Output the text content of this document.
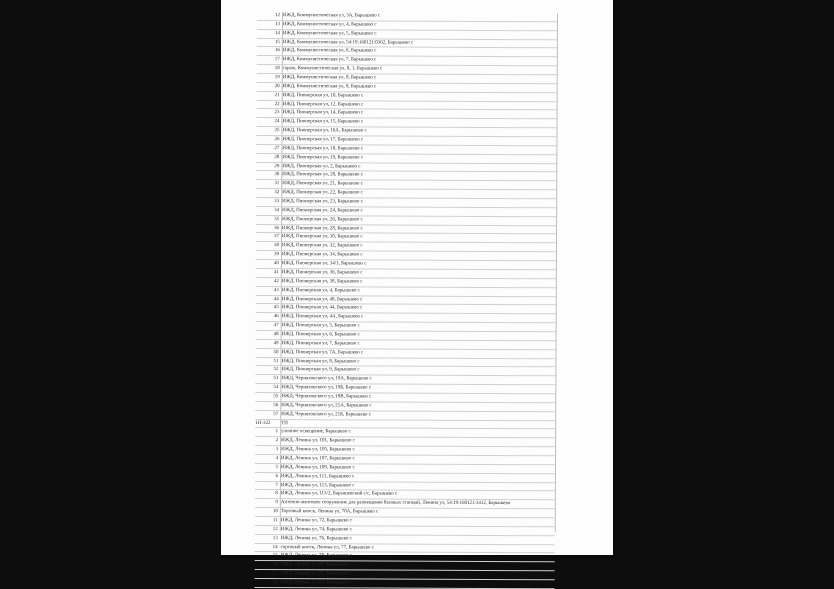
12 ИЖД, Коммунистическая ул, 3А, Барышево с
13 ИЖД, Коммунистическая ул, 4, Барышево с
14 ИЖД, Коммунистическая ул, 5, Барышево с
15 ИЖД, Коммунистическая ул, 54:19:160121:0362, Барышево с
16 ИЖД, Коммунистическая ул, 6, Барышево с
17 ИЖД, Коммунистическая ул, 7, Барышево с
18 гараж, Коммунистическая ул, 8, 1, Барышево с
19 ИЖД, Коммунистическая ул, 8, Барышево с
20 ИЖД, Коммунистическая ул, 9, Барышево с
21 ИЖД, Пионерская ул, 10, Барышево с
22 ИЖД, Пионерская ул, 12, Барышево с
23 ИЖД, Пионерская ул, 14, Барышево с
24 ИЖД, Пионерская ул, 15, Барышево с
25 ИЖД, Пионерская ул, 16А, Барышево с
26 ИЖД, Пионерская ул, 17, Барышево с
27 ИЖД, Пионерская ул, 18, Барышево с
28 ИЖД, Пионерская ул, 19, Барышево с
29 ИЖД, Пионерская ул, 2, Барышево с
30 ИЖД, Пионерская ул, 20, Барышево с
31 ИЖД, Пионерская ул, 21, Барышево с
32 ИЖД, Пионерская ул, 22, Барышево с
33 ИЖД, Пионерская ул, 23, Барышево с
34 ИЖД, Пионерская ул, 24, Барышево с
35 ИЖД, Пионерская ул, 26, Барышево с
36 ИЖД, Пионерская ул, 28, Барышево с
37 ИЖД, Пионерская ул, 30, Барышево с
38 ИЖД, Пионерская ул, 32, Барышево с
39 ИЖД, Пионерская ул, 34, Барышево с
40 ИЖД, Пионерская ул, 34/1, Барышево с
41 ИЖД, Пионерская ул, 36, Барышево с
42 ИЖД, Пионерская ул, 38, Барышево с
43 ИЖД, Пионерская ул, 4, Барышево с
44 ИЖД, Пионерская ул, 40, Барышево с
45 ИЖД, Пионерская ул, 44, Барышево с
46 ИЖД, Пионерская ул, 4А, Барышево с
47 ИЖД, Пионерская ул, 5, Барышево с
48 ИЖД, Пионерская ул, 6, Барышево с
49 ИЖД, Пионерская ул, 7, Барышево с
50 ИЖД, Пионерская ул, 7А, Барышево с
51 ИЖД, Пионерская ул, 8, Барышево с
52 ИЖД, Пионерская ул, 9, Барышево с
53 ИЖД, Черняховского ул, 19А, Барышево с
54 ИЖД, Черняховского ул, 19Б, Барышево с
55 ИЖД, Черняховского ул, 19В, Барышево с
56 ИЖД, Черняховского ул, 21А, Барышево с
57 ИЖД, Черняховского ул, 21Б, Барышево с
1Н-322 ТП
1 уличное освещение, Барышево с
2 ИЖД, Ленина ул, 101, Барышево с
3 ИЖД, Ленина ул, 105, Барышево с
4 ИЖД, Ленина ул, 107, Барышево с
5 ИЖД, Ленина ул, 109, Барышево с
6 ИЖД, Ленина ул, 111, Барышево с
7 ИЖД, Ленина ул, 113, Барышево с
8 ИЖД, Ленина ул, 113/2, Барышевский с/с, Барышево с
9 Антенно-мачтовое сооружение для размещения базовых станций, Ленина ул, 54:19:160121:3412, Барышево
10 Торговый киоск, Ленина ул, 70А, Барышево с
11 ИЖД, Ленина ул, 72, Барышево с
12 ИЖД, Ленина ул, 74, Барышево с
13 ИЖД, Ленина ул, 76, Барышево с
14 торговый киоск, Ленина ул, 77, Барышево с
15 ИЖД, Ленина ул, 78, Барышево с
16 ИЖД, Ленина ул, 80, Барышево с
17 ИЖД, Ленина ул, 82, Барышево с
18 ИЖД, Ленина ул, 84, Барышево с
